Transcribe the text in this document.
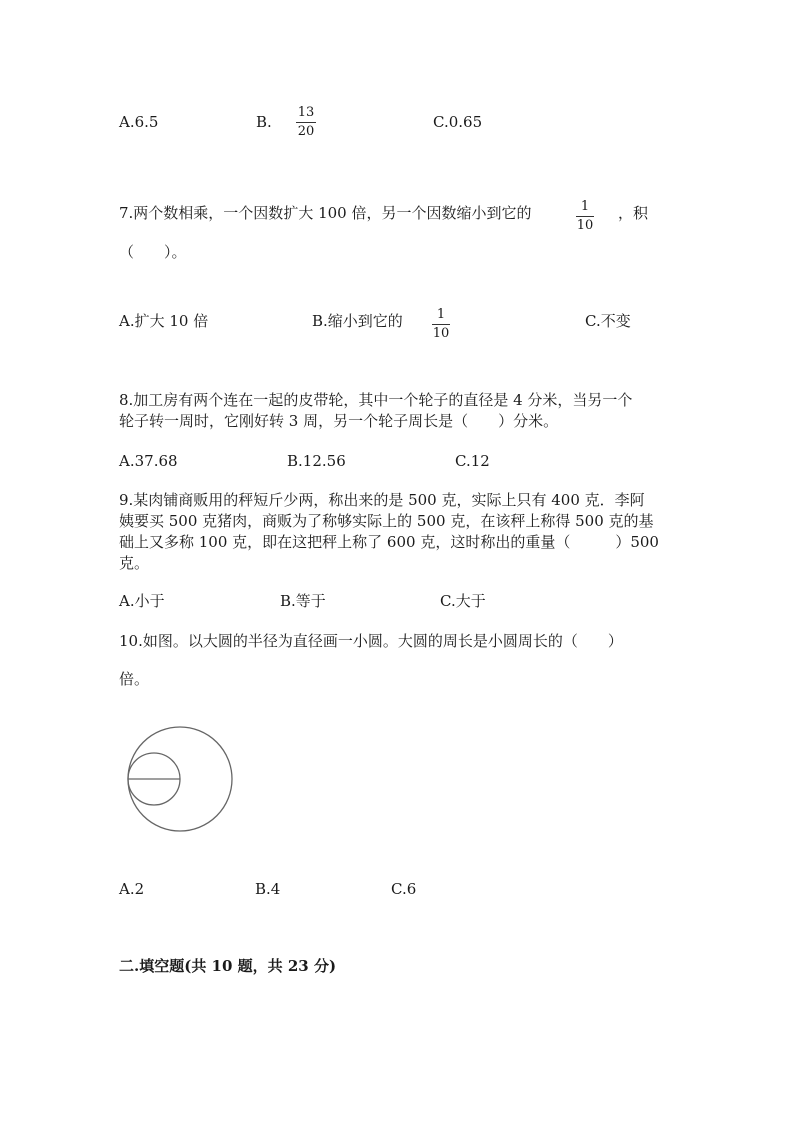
A.6.5	B.
13
20
C.0.65
7.两个数相乘，一个因数扩大 100 倍，另一个因数缩小到它的	1
10
，积
（　　）。
A.扩大 10 倍	B.缩小到它的	1
10
C.不变
8.加工房有两个连在一起的皮带轮，其中一个轮子的直径是 4 分米，当另一个
轮子转一周时，它刚好转 3 周，另一个轮子周长是（　　）分米。
A.37.68	B.12.56	C.12
9.某肉铺商贩用的秤短斤少两，称出来的是 500 克，实际上只有 400 克．李阿
姨要买 500 克猪肉，商贩为了称够实际上的 500 克，在该秤上称得 500 克的基
础上又多称 100 克，即在这把秤上称了 600 克，这时称出的重量（　　　）500
克。
A.小于	B.等于	C.大于
10.如图。以大圆的半径为直径画一小圆。大圆的周长是小圆周长的（　　）
倍。
A.2	B.4	C.6
二.填空题(共 10 题，共 23 分)
